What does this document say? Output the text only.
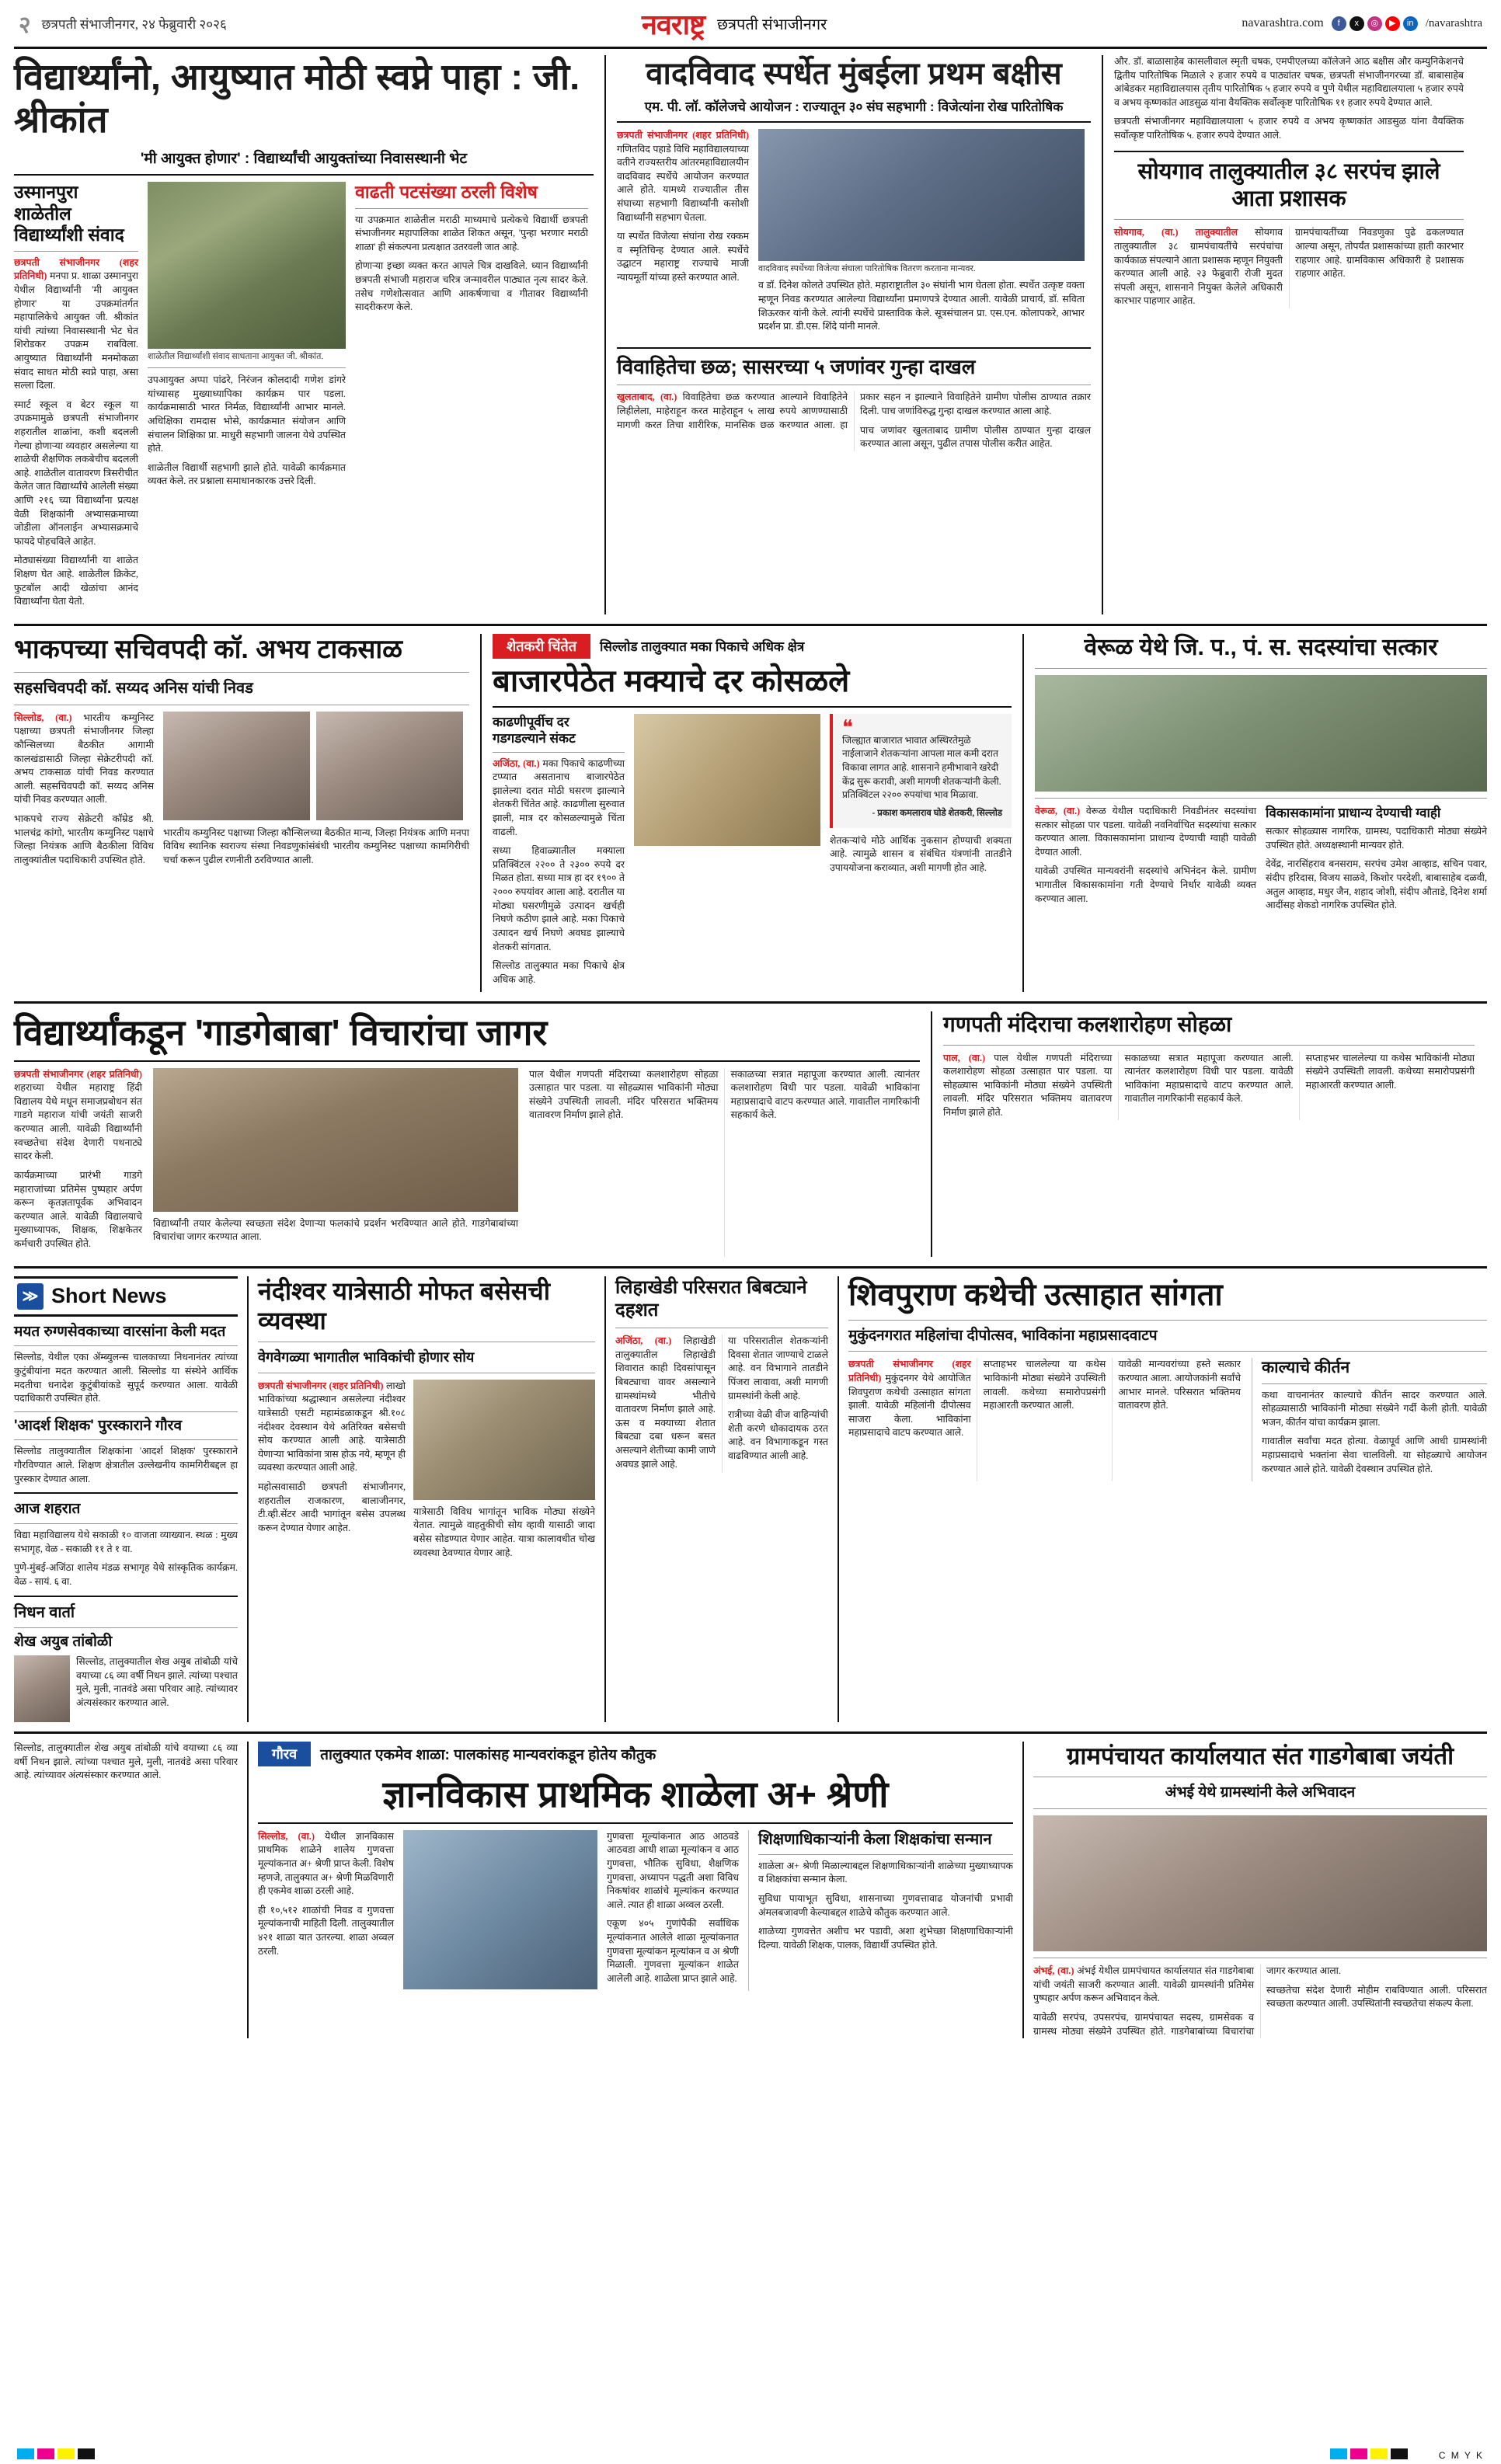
२ छत्रपती संभाजीनगर, २४ फेब्रुवारी २०२६	नवराष्ट्र छत्रपती संभाजीनगर	navarashtra.com	f	x	◎	▶	in	/navarashtra
विद्यार्थ्यांनो, आयुष्यात मोठी स्वप्ने पाहा : जी. श्रीकांत
'मी आयुक्त होणार' : विद्यार्थ्यांची आयुक्तांच्या निवासस्थानी भेट
उस्मानपुरा शाळेतील विद्यार्थ्यांशी संवाद

छत्रपती संभाजीनगर (शहर प्रतिनिधी) मनपा प्र. शाळा उस्मानपुरा येथील विद्यार्थ्यांनी 'मी आयुक्त होणार' या उपक्रमांतर्गत महापालिकेचे आयुक्त जी. श्रीकांत यांची त्यांच्या निवासस्थानी भेट घेत शिरोडकर उपक्रम राबविला. आयुष्यात विद्यार्थ्यांनी मनमोकळा संवाद साधत मोठी स्वप्ने पाहा, असा सल्ला दिला.

स्मार्ट स्कूल व बेटर स्कूल या उपक्रमामुळे छत्रपती संभाजीनगर शहरातील शाळांना, कशी बदलली गेल्या होणाऱ्या व्यवहार असलेल्या या शाळेची शैक्षणिक लकबेचीच बदलली आहे. शाळेतील वातावरण त्रिसरीचीत केलेत जात विद्यार्थ्यांचे आलेली संख्या आणि २१६ च्या विद्यार्थ्यांना प्रत्यक्ष वेळी शिक्षकांनी अभ्यासक्रमाच्या जोडीला ऑनलाईन अभ्यासक्रमाचे फायदे पोहचविले आहेत.

मोठ्यासंख्या विद्यार्थ्यांनी या शाळेत शिक्षण घेत आहे. शाळेतील क्रिकेट, फुटबॉल आदी खेळांचा आनंद विद्यार्थ्यांना घेता येतो.

शाळेतील विद्यार्थ्यांशी संवाद साधताना आयुक्त जी. श्रीकांत.

उपआयुक्त अप्पा पांढरे, निरंजन कोलदादी गणेश डांगरे यांच्यासह मुख्याध्यापिका कार्यक्रम पार पडला. कार्यक्रमासाठी भारत निर्मळ, विद्यार्थ्यांनी आभार मानले. अधिक्षिका रामदास भोसे, कार्यक्रमात संयोजन आणि संचालन शिक्षिका प्रा. माधुरी सहभागी जालना येथे उपस्थित होते.

शाळेतील विद्यार्थी सहभागी झाले होते. यावेळी कार्यक्रमात व्यक्त केले. तर प्रश्नाला समाधानकारक उत्तरे दिली.

वाढती पटसंख्या ठरली विशेष

या उपक्रमात शाळेतील मराठी माध्यमाचे प्रत्येकचे विद्यार्थी छत्रपती संभाजीनगर महापालिका शाळेत शिकत असून, 'पुन्हा भरणार मराठी शाळा' ही संकल्पना प्रत्यक्षात उतरवली जात आहे.

होणाऱ्या इच्छा व्यक्त करत आपले चित्र दाखविले. ध्यान विद्यार्थ्यांनी छत्रपती संभाजी महाराज चरित्र जन्मावरील पाठ्यात नृत्य सादर केले. तसेच गणेशोत्सवात आणि आकर्षणाचा व गीतावर विद्यार्थ्यांनी सादरीकरण केले.

वादविवाद स्पर्धेत मुंबईला प्रथम बक्षीस
एम. पी. लॉ. कॉलेजचे आयोजन : राज्यातून ३० संघ सहभागी : विजेत्यांना रोख पारितोषिक

छत्रपती संभाजीनगर (शहर प्रतिनिधी) गणितविद पहाडे विधि महाविद्यालयाच्या वतीने राज्यस्तरीय आंतरमहाविद्यालयीन वादविवाद स्पर्धेचे आयोजन करण्यात आले होते. यामध्ये राज्यातील तीस संघाच्या सहभागी विद्यार्थ्यांनी कसोशी विद्यार्थ्यांनी सहभाग घेतला.

या स्पर्धेत विजेत्या संघांना रोख रक्कम व स्मृतिचिन्ह देण्यात आले. स्पर्धेचे उद्घाटन महाराष्ट्र राज्याचे माजी न्यायमूर्ती यांच्या हस्ते करण्यात आले.

वादविवाद स्पर्धेच्या विजेत्या संघाला पारितोषिक वितरण करताना मान्यवर.

व डॉ. दिनेश कोलते उपस्थित होते. महाराष्ट्रातील ३० संघांनी भाग घेतला होता. स्पर्धेत उत्कृष्ट वक्ता म्हणून निवड करण्यात आलेल्या विद्यार्थ्यांना प्रमाणपत्रे देण्यात आली. यावेळी प्राचार्य, डॉ. सविता शिऊरकर यांनी केले. त्यांनी स्पर्धेचे प्रास्ताविक केले. सूत्रसंचालन प्रा. एस.एन. कोलापकरे, आभार प्रदर्शन प्रा. डी.एस. शिंदे यांनी मानले.

विवाहितेचा छळ; सासरच्या ५ जणांवर गुन्हा दाखल

खुलताबाद, (वा.) विवाहितेचा छळ करण्यात आल्याने विवाहितेने लिहीलेला, माहेराहून करत माहेराहून ५ लाख रुपये आणण्यासाठी मागणी करत तिचा शारीरिक, मानसिक छळ करण्यात आला. हा प्रकार सहन न झाल्याने विवाहितेने ग्रामीण पोलीस ठाण्यात तक्रार दिली. पाच जणांविरुद्ध गुन्हा दाखल करण्यात आला आहे.

पाच जणांवर खुलताबाद ग्रामीण पोलीस ठाण्यात गुन्हा दाखल करण्यात आला असून, पुढील तपास पोलीस करीत आहेत.

और. डॉ. बाळासाहेब कासलीवाल स्मृती चषक, एमपीएलच्या कॉलेजने आठ बक्षीस और कम्युनिकेशनचे द्वितीय पारितोषिक मिळाले २ हजार रुपये व पाठ्यांतर चषक, छत्रपती संभाजीनगरच्या डॉ. बाबासाहेब आंबेडकर महाविद्यालयास तृतीय पारितोषिक ५ हजार रुपये व पुणे येथील महाविद्यालयाला ५ हजार रुपये व अभय कृष्णकांत आडसुळ यांना वैयक्तिक सर्वोत्कृष्ट पारितोषिक ११ हजार रुपये देण्यात आले.

छत्रपती संभाजीनगर महाविद्यालयाला ५ हजार रुपये व अभय कृष्णकांत आडसुळ यांना वैयक्तिक सर्वोत्कृष्ट पारितोषिक ५. हजार रुपये देण्यात आले.

सोयगाव तालुक्यातील ३८ सरपंच झाले आता प्रशासक

सोयगाव, (वा.) तालुक्यातील सोयगाव तालुक्यातील ३८ ग्रामपंचायतींचे सरपंचांचा कार्यकाळ संपल्याने आता प्रशासक म्हणून नियुक्ती करण्यात आली आहे. २३ फेब्रुवारी रोजी मुदत संपली असून, शासनाने नियुक्त केलेले अधिकारी कारभार पाहणार आहेत.

ग्रामपंचायतींच्या निवडणुका पुढे ढकलण्यात आल्या असून, तोपर्यंत प्रशासकांच्या हाती कारभार राहणार आहे. ग्रामविकास अधिकारी हे प्रशासक राहणार आहेत.

भाकपच्या सचिवपदी कॉ. अभय टाकसाळ
सहसचिवपदी कॉ. सय्यद अनिस यांची निवड

सिल्लोड, (वा.) भारतीय कम्युनिस्ट पक्षाच्या छत्रपती संभाजीनगर जिल्हा कौन्सिलच्या बैठकीत आगामी कालखंडासाठी जिल्हा सेक्रेटरीपदी कॉ. अभय टाकसाळ यांची निवड करण्यात आली. सहसचिवपदी कॉ. सय्यद अनिस यांची निवड करण्यात आली.

भाकपचे राज्य सेक्रेटरी कॉम्रेड श्री. भालचंद्र कांगो, भारतीय कम्युनिस्ट पक्षाचे जिल्हा नियंत्रक आणि बैठकीला विविध तालुक्यांतील पदाधिकारी उपस्थित होते.

भारतीय कम्युनिस्ट पक्षाच्या जिल्हा कौन्सिलच्या बैठकीत मान्य, जिल्हा नियंत्रक आणि मनपा विविध स्थानिक स्वराज्य संस्था निवडणुकांसंबंधी भारतीय कम्युनिस्ट पक्षाच्या कामगिरीची चर्चा करून पुढील रणनीती ठरविण्यात आली.

शेतकरी चिंतेत	सिल्लोड तालुक्यात मका पिकाचे अधिक क्षेत्र
बाजारपेठेत मक्याचे दर कोसळले
काढणीपूर्वीच दर गडगडल्याने संकट

अजिंठा, (वा.) मका पिकाचे काढणीच्या टप्प्यात असतानाच बाजारपेठेत झालेल्या दरात मोठी घसरण झाल्याने शेतकरी चिंतेत आहे. काढणीला सुरुवात झाली, मात्र दर कोसळल्यामुळे चिंता वाढली.

सध्या हिवाळ्यातील मक्याला प्रतिक्विंटल २२०० ते २३०० रुपये दर मिळत होता. सध्या मात्र हा दर १९०० ते २००० रुपयांवर आला आहे. दरातील या मोठ्या घसरणीमुळे उत्पादन खर्चही निघणे कठीण झाले आहे. मका पिकाचे उत्पादन खर्च निघणे अवघड झाल्याचे शेतकरी सांगतात.

सिल्लोड तालुक्यात मका पिकाचे क्षेत्र अधिक आहे.

❝
जिल्ह्यात बाजारात भावात अस्थिरतेमुळे नाईलाजाने शेतकऱ्यांना आपला माल कमी दरात विकावा लागत आहे. शासनाने हमीभावाने खरेदी केंद्र सुरू करावी, अशी मागणी शेतकऱ्यांनी केली. प्रतिक्विंटल २२०० रुपयांचा भाव मिळावा.
- प्रकाश कमलाराव घोडे शेतकरी, सिल्लोड

शेतकऱ्यांचे मोठे आर्थिक नुकसान होण्याची शक्यता आहे. त्यामुळे शासन व संबंधित यंत्रणांनी तातडीने उपाययोजना कराव्यात, अशी मागणी होत आहे.

वेरूळ येथे जि. प., पं. स. सदस्यांचा सत्कार

वेरूळ, (वा.) वेरूळ येथील पदाधिकारी निवडीनंतर सदस्यांचा सत्कार सोहळा पार पडला. यावेळी नवनिर्वाचित सदस्यांचा सत्कार करण्यात आला. विकासकामांना प्राधान्य देण्याची ग्वाही यावेळी देण्यात आली.

यावेळी उपस्थित मान्यवरांनी सदस्यांचे अभिनंदन केले. ग्रामीण भागातील विकासकामांना गती देण्याचे निर्धार यावेळी व्यक्त करण्यात आला.

विकासकामांना प्राधान्य देण्याची ग्वाही

सत्कार सोहळ्यास नागरिक, ग्रामस्थ, पदाधिकारी मोठ्या संख्येने उपस्थित होते. अध्यक्षस्थानी मान्यवर होते.

देवेंद्र, नारसिंहराव बनसराम, सरपंच उमेश आव्हाड, सचिन पवार, संदीप हरिदास, विजय साळवे, किशोर परदेशी, बाबासाहेब दळवी, अतुल आव्हाड, मधुर जैन, शहाद जोशी, संदीप औताडे, दिनेश शर्मा आदींसह शेकडो नागरिक उपस्थित होते.

विद्यार्थ्यांकडून 'गाडगेबाबा' विचारांचा जागर

छत्रपती संभाजीनगर (शहर प्रतिनिधी) शहराच्या येथील महाराष्ट्र हिंदी विद्यालय येथे मधून समाजप्रबोधन संत गाडगे महाराज यांची जयंती साजरी करण्यात आली. यावेळी विद्यार्थ्यांनी स्वच्छतेचा संदेश देणारी पथनाट्ये सादर केली.

कार्यक्रमाच्या प्रारंभी गाडगे महाराजांच्या प्रतिमेस पुष्पहार अर्पण करून कृतज्ञतापूर्वक अभिवादन करण्यात आले. यावेळी विद्यालयाचे मुख्याध्यापक, शिक्षक, शिक्षकेतर कर्मचारी उपस्थित होते.

विद्यार्थ्यांनी तयार केलेल्या स्वच्छता संदेश देणाऱ्या फलकांचे प्रदर्शन भरविण्यात आले होते. गाडगेबाबांच्या विचारांचा जागर करण्यात आला.

पाल येथील गणपती मंदिराच्या कलशारोहण सोहळा उत्साहात पार पडला. या सोहळ्यास भाविकांनी मोठ्या संख्येने उपस्थिती लावली. मंदिर परिसरात भक्तिमय वातावरण निर्माण झाले होते.

सकाळच्या सत्रात महापूजा करण्यात आली. त्यानंतर कलशारोहण विधी पार पडला. यावेळी भाविकांना महाप्रसादाचे वाटप करण्यात आले. गावातील नागरिकांनी सहकार्य केले.

गणपती मंदिराचा कलशारोहण सोहळा

पाल, (वा.) पाल येथील गणपती मंदिराच्या कलशारोहण सोहळा उत्साहात पार पडला. या सोहळ्यास भाविकांनी मोठ्या संख्येने उपस्थिती लावली. मंदिर परिसरात भक्तिमय वातावरण निर्माण झाले होते.

सकाळच्या सत्रात महापूजा करण्यात आली. त्यानंतर कलशारोहण विधी पार पडला. यावेळी भाविकांना महाप्रसादाचे वाटप करण्यात आले. गावातील नागरिकांनी सहकार्य केले.

सप्ताहभर चाललेल्या या कथेस भाविकांनी मोठ्या संख्येने उपस्थिती लावली. कथेच्या समारोपप्रसंगी महाआरती करण्यात आली.

≫ Short News
मयत रुग्णसेवकाच्या वारसांना केली मदत

सिल्लोड, येथील एका ॲम्ब्युलन्स चालकाच्या निधनानंतर त्यांच्या कुटुंबीयांना मदत करण्यात आली. सिल्लोड या संस्थेने आर्थिक मदतीचा धनादेश कुटुंबीयांकडे सुपूर्द करण्यात आला. यावेळी पदाधिकारी उपस्थित होते.

'आदर्श शिक्षक' पुरस्काराने गौरव

सिल्लोड तालुक्यातील शिक्षकांना 'आदर्श शिक्षक' पुरस्काराने गौरविण्यात आले. शिक्षण क्षेत्रातील उल्लेखनीय कामगिरीबद्दल हा पुरस्कार देण्यात आला.

आज शहरात

विद्या महाविद्यालय येथे सकाळी १० वाजता व्याख्यान. स्थळ : मुख्य सभागृह, वेळ - सकाळी ११ ते १ वा.

पुणे-मुंबई-अजिंठा शालेय मंडळ सभागृह येथे सांस्कृतिक कार्यक्रम. वेळ - सायं. ६ वा.

निधन वार्ता
शेख अयुब तांबोळी

सिल्लोड, तालुक्यातील शेख अयुब तांबोळी यांचे वयाच्या ८६ व्या वर्षी निधन झाले. त्यांच्या पश्चात मुले, मुली, नातवंडे असा परिवार आहे. त्यांच्यावर अंत्यसंस्कार करण्यात आले.

नंदीश्वर यात्रेसाठी मोफत बसेसची व्यवस्था
वेगवेगळ्या भागातील भाविकांची होणार सोय

छत्रपती संभाजीनगर (शहर प्रतिनिधी) लाखो भाविकांच्या श्रद्धास्थान असलेल्या नंदीश्वर यात्रेसाठी एसटी महामंडळाकडून श्री.१०८ नंदीश्वर देवस्थान येथे अतिरिक्त बसेसची सोय करण्यात आली आहे. यात्रेसाठी येणाऱ्या भाविकांना त्रास होऊ नये, म्हणून ही व्यवस्था करण्यात आली आहे.

महोत्सवासाठी छत्रपती संभाजीनगर, शहरातील राजकारण, बालाजीनगर, टी.व्ही.सेंटर आदी भागांतून बसेस उपलब्ध करून देण्यात येणार आहेत.

यात्रेसाठी विविध भागांतून भाविक मोठ्या संख्येने येतात. त्यामुळे वाहतुकीची सोय व्हावी यासाठी जादा बसेस सोडण्यात येणार आहेत. यात्रा कालावधीत चोख व्यवस्था ठेवण्यात येणार आहे.

लिहाखेडी परिसरात बिबट्याने दहशत

अजिंठा, (वा.) लिहाखेडी तालुक्यातील लिहाखेडी शिवारात काही दिवसांपासून बिबट्याचा वावर असल्याने ग्रामस्थांमध्ये भीतीचे वातावरण निर्माण झाले आहे. ऊस व मक्याच्या शेतात बिबट्या दबा धरून बसत असल्याने शेतीच्या कामी जाणे अवघड झाले आहे.

या परिसरातील शेतकऱ्यांनी दिवसा शेतात जाण्याचे टाळले आहे. वन विभागाने तातडीने पिंजरा लावावा, अशी मागणी ग्रामस्थांनी केली आहे.

रात्रीच्या वेळी वीज वाहिन्यांची शेती करणे धोकादायक ठरत आहे. वन विभागाकडून गस्त वाढविण्यात आली आहे.

शिवपुराण कथेची उत्साहात सांगता
मुकुंदनगरात महिलांचा दीपोत्सव, भाविकांना महाप्रसादवाटप

छत्रपती संभाजीनगर (शहर प्रतिनिधी) मुकुंदनगर येथे आयोजित शिवपुराण कथेची उत्साहात सांगता झाली. यावेळी महिलांनी दीपोत्सव साजरा केला. भाविकांना महाप्रसादाचे वाटप करण्यात आले.

सप्ताहभर चाललेल्या या कथेस भाविकांनी मोठ्या संख्येने उपस्थिती लावली. कथेच्या समारोपप्रसंगी महाआरती करण्यात आली.

यावेळी मान्यवरांच्या हस्ते सत्कार करण्यात आला. आयोजकांनी सर्वांचे आभार मानले. परिसरात भक्तिमय वातावरण होते.

काल्याचे कीर्तन

कथा वाचनानंतर काल्याचे कीर्तन सादर करण्यात आले. सोहळ्यासाठी भाविकांनी मोठ्या संख्येने गर्दी केली होती. यावेळी भजन, कीर्तन यांचा कार्यक्रम झाला.

गावातील सर्वांचा मदत होत्या. वेळापूर्व आणि आधी ग्रामस्थांनी महाप्रसादाचे भक्तांना सेवा चालविली. या सोहळ्याचे आयोजन करण्यात आले होते. यावेळी देवस्थान उपस्थित होते.

सिल्लोड, तालुक्यातील शेख अयुब तांबोळी यांचे वयाच्या ८६ व्या वर्षी निधन झाले. त्यांच्या पश्चात मुले, मुली, नातवंडे असा परिवार आहे. त्यांच्यावर अंत्यसंस्कार करण्यात आले.

गौरव	तालुक्यात एकमेव शाळा: पालकांसह मान्यवरांकडून होतेय कौतुक
ज्ञानविकास प्राथमिक शाळेला अ+ श्रेणी

सिल्लोड, (वा.) येथील ज्ञानविकास प्राथमिक शाळेने शालेय गुणवत्ता मूल्यांकनात अ+ श्रेणी प्राप्त केली. विशेष म्हणजे, तालुक्यात अ+ श्रेणी मिळविणारी ही एकमेव शाळा ठरली आहे.

ही १०,५१२ शाळांची निवड व गुणवत्ता मूल्यांकनाची माहिती दिली. तालुक्यातील ४२१ शाळा यात उतरल्या. शाळा अव्वल ठरली.

गुणवत्ता मूल्यांकनात आठ आठवडे आठवडा आधी शाळा मूल्यांकन व आठ गुणवत्ता, भौतिक सुविधा, शैक्षणिक गुणवत्ता, अध्यापन पद्धती अशा विविध निकषांवर शाळांचे मूल्यांकन करण्यात आले. त्यात ही शाळा अव्वल ठरली.

एकूण ४०५ गुणांपैकी सर्वाधिक मूल्यांकनात आलेले शाळा मूल्यांकनात गुणवत्ता मूल्यांकन मूल्यांकन व अ श्रेणी मिळाली. गुणवत्ता मूल्यांकन शाळेत आलेली आहे. शाळेला प्राप्त झाले आहे.

शिक्षणाधिकाऱ्यांनी केला शिक्षकांचा सन्मान

शाळेला अ+ श्रेणी मिळाल्याबद्दल शिक्षणाधिकाऱ्यांनी शाळेच्या मुख्याध्यापक व शिक्षकांचा सन्मान केला.

सुविधा पायाभूत सुविधा, शासनाच्या गुणवत्तावाढ योजनांची प्रभावी अंमलबजावणी केल्याबद्दल शाळेचे कौतुक करण्यात आले.

शाळेच्या गुणवत्तेत अशीच भर पडावी, अशा शुभेच्छा शिक्षणाधिकाऱ्यांनी दिल्या. यावेळी शिक्षक, पालक, विद्यार्थी उपस्थित होते.

ग्रामपंचायत कार्यालयात संत गाडगेबाबा जयंती
अंभई येथे ग्रामस्थांनी केले अभिवादन

अंभई, (वा.) अंभई येथील ग्रामपंचायत कार्यालयात संत गाडगेबाबा यांची जयंती साजरी करण्यात आली. यावेळी ग्रामस्थांनी प्रतिमेस पुष्पहार अर्पण करून अभिवादन केले.

यावेळी सरपंच, उपसरपंच, ग्रामपंचायत सदस्य, ग्रामसेवक व ग्रामस्थ मोठ्या संख्येने उपस्थित होते. गाडगेबाबांच्या विचारांचा जागर करण्यात आला.

स्वच्छतेचा संदेश देणारी मोहीम राबविण्यात आली. परिसरात स्वच्छता करण्यात आली. उपस्थितांनी स्वच्छतेचा संकल्प केला.

C M Y K
